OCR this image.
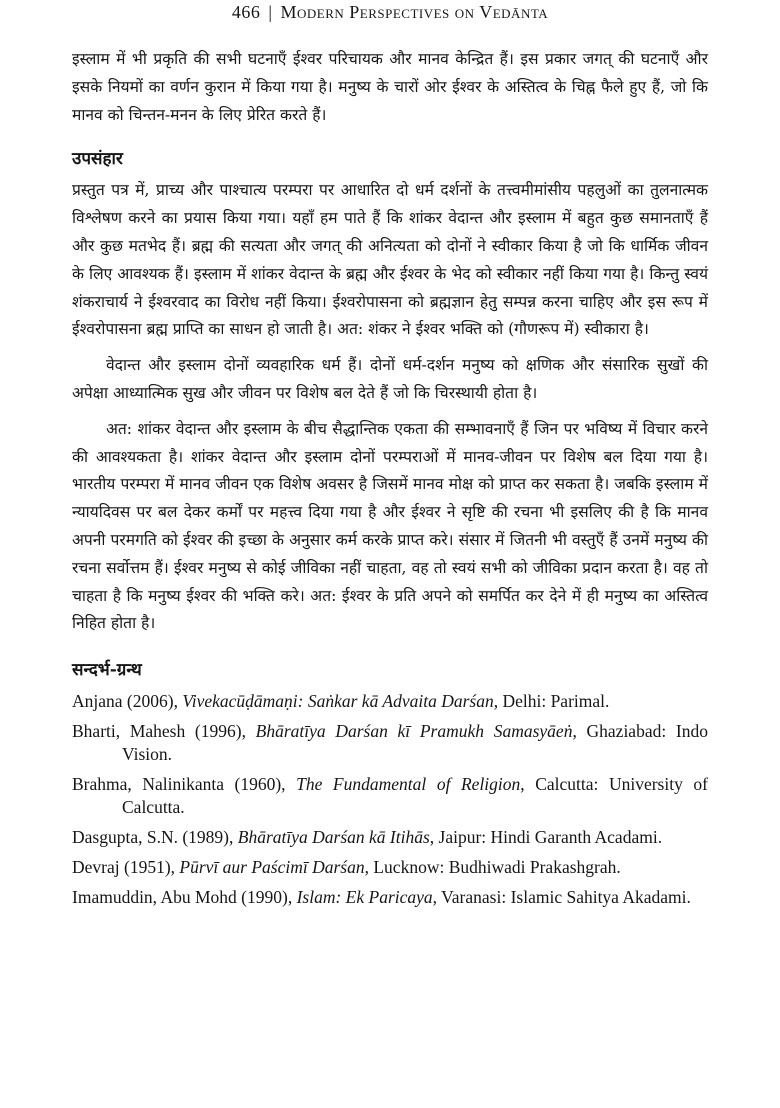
466 | Modern Perspectives on Vedānta

इस्लाम में भी प्रकृति की सभी घटनाएँ ईश्वर परिचायक और मानव केन्द्रित हैं। इस प्रकार जगत् की घटनाएँ और इसके नियमों का वर्णन कुरान में किया गया है। मनुष्य के चारों ओर ईश्वर के अस्तित्व के चिह्न फैले हुए हैं, जो कि मानव को चिन्तन-मनन के लिए प्रेरित करते हैं।

उपसंहार

प्रस्तुत पत्र में, प्राच्य और पाश्चात्य परम्परा पर आधारित दो धर्म दर्शनों के तत्त्वमीमांसीय पहलुओं का तुलनात्मक विश्लेषण करने का प्रयास किया गया। यहाँ हम पाते हैं कि शांकर वेदान्त और इस्लाम में बहुत कुछ समानताएँ हैं और कुछ मतभेद हैं। ब्रह्म की सत्यता और जगत् की अनित्यता को दोनों ने स्वीकार किया है जो कि धार्मिक जीवन के लिए आवश्यक हैं। इस्लाम में शांकर वेदान्त के ब्रह्म और ईश्वर के भेद को स्वीकार नहीं किया गया है। किन्तु स्वयं शंकराचार्य ने ईश्वरवाद का विरोध नहीं किया। ईश्वरोपासना को ब्रह्मज्ञान हेतु सम्पन्न करना चाहिए और इस रूप में ईश्वरोपासना ब्रह्म प्राप्ति का साधन हो जाती है। अत: शंकर ने ईश्वर भक्ति को (गौणरूप में) स्वीकारा है।

वेदान्त और इस्लाम दोनों व्यवहारिक धर्म हैं। दोनों धर्म-दर्शन मनुष्य को क्षणिक और संसारिक सुखों की अपेक्षा आध्यात्मिक सुख और जीवन पर विशेष बल देते हैं जो कि चिरस्थायी होता है।

अत: शांकर वेदान्त और इस्लाम के बीच सैद्धान्तिक एकता की सम्भावनाएँ हैं जिन पर भविष्य में विचार करने की आवश्यकता है। शांकर वेदान्त और इस्लाम दोनों परम्पराओं में मानव-जीवन पर विशेष बल दिया गया है। भारतीय परम्परा में मानव जीवन एक विशेष अवसर है जिसमें मानव मोक्ष को प्राप्त कर सकता है। जबकि इस्लाम में न्यायदिवस पर बल देकर कर्मों पर महत्त्व दिया गया है और ईश्वर ने सृष्टि की रचना भी इसलिए की है कि मानव अपनी परमगति को ईश्वर की इच्छा के अनुसार कर्म करके प्राप्त करे। संसार में जितनी भी वस्तुएँ हैं उनमें मनुष्य की रचना सर्वोत्तम हैं। ईश्वर मनुष्य से कोई जीविका नहीं चाहता, वह तो स्वयं सभी को जीविका प्रदान करता है। वह तो चाहता है कि मनुष्य ईश्वर की भक्ति करे। अत: ईश्वर के प्रति अपने को समर्पित कर देने में ही मनुष्य का अस्तित्व निहित होता है।

सन्दर्भ-ग्रन्थ
Anjana (2006), Vivekacūḍāmaṇi: Saṅkar kā Advaita Darśan, Delhi: Parimal.
Bharti, Mahesh (1996), Bhāratīya Darśan kī Pramukh Samasyāeṅ, Ghaziabad: Indo Vision.
Brahma, Nalinikanta (1960), The Fundamental of Religion, Calcutta: University of Calcutta.
Dasgupta, S.N. (1989), Bhāratīya Darśan kā Itihās, Jaipur: Hindi Garanth Acadami.
Devraj (1951), Pūrvī aur Paścimī Darśan, Lucknow: Budhiwadi Prakashgrah.
Imamuddin, Abu Mohd (1990), Islam: Ek Paricaya, Varanasi: Islamic Sahitya Akadami.
